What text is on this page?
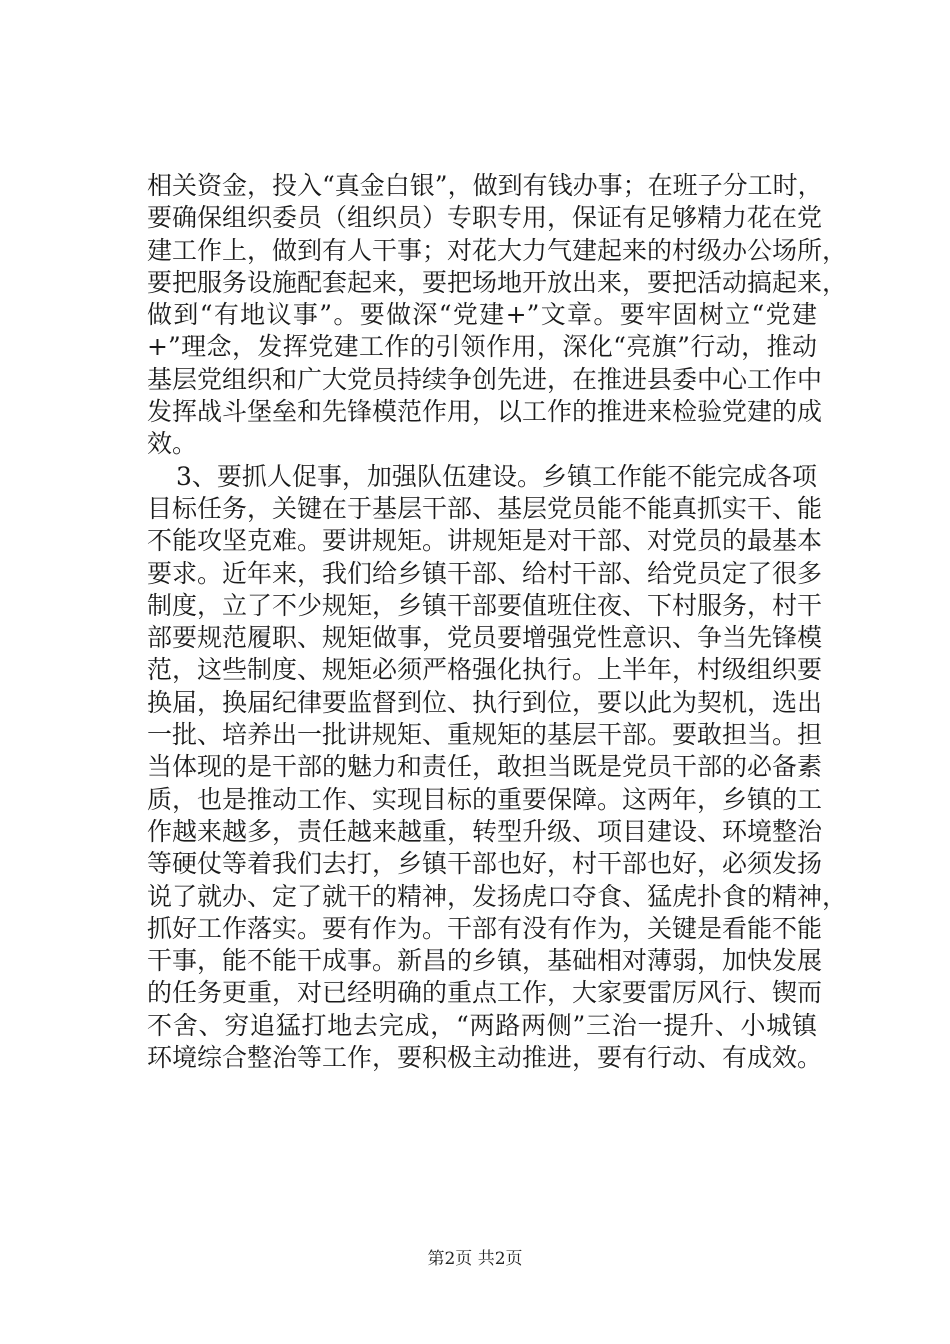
相关资金，投入“真金白银”，做到有钱办事；在班子分工时，
要确保组织委员（组织员）专职专用，保证有足够精力花在党
建工作上，做到有人干事；对花大力气建起来的村级办公场所，
要把服务设施配套起来，要把场地开放出来，要把活动搞起来，
做到“有地议事”。要做深“党建+”文章。要牢固树立“党建
+”理念，发挥党建工作的引领作用，深化“亮旗”行动，推动
基层党组织和广大党员持续争创先进，在推进县委中心工作中
发挥战斗堡垒和先锋模范作用，以工作的推进来检验党建的成
效。
3、要抓人促事，加强队伍建设。乡镇工作能不能完成各项
目标任务，关键在于基层干部、基层党员能不能真抓实干、能
不能攻坚克难。要讲规矩。讲规矩是对干部、对党员的最基本
要求。近年来，我们给乡镇干部、给村干部、给党员定了很多
制度，立了不少规矩，乡镇干部要值班住夜、下村服务，村干
部要规范履职、规矩做事，党员要增强党性意识、争当先锋模
范，这些制度、规矩必须严格强化执行。上半年，村级组织要
换届，换届纪律要监督到位、执行到位，要以此为契机，选出
一批、培养出一批讲规矩、重规矩的基层干部。要敢担当。担
当体现的是干部的魅力和责任，敢担当既是党员干部的必备素
质，也是推动工作、实现目标的重要保障。这两年，乡镇的工
作越来越多，责任越来越重，转型升级、项目建设、环境整治
等硬仗等着我们去打，乡镇干部也好，村干部也好，必须发扬
说了就办、定了就干的精神，发扬虎口夺食、猛虎扑食的精神，
抓好工作落实。要有作为。干部有没有作为，关键是看能不能
干事，能不能干成事。新昌的乡镇，基础相对薄弱，加快发展
的任务更重，对已经明确的重点工作，大家要雷厉风行、锲而
不舍、穷追猛打地去完成，“两路两侧”三治一提升、小城镇
环境综合整治等工作，要积极主动推进，要有行动、有成效。
第2页 共2页
